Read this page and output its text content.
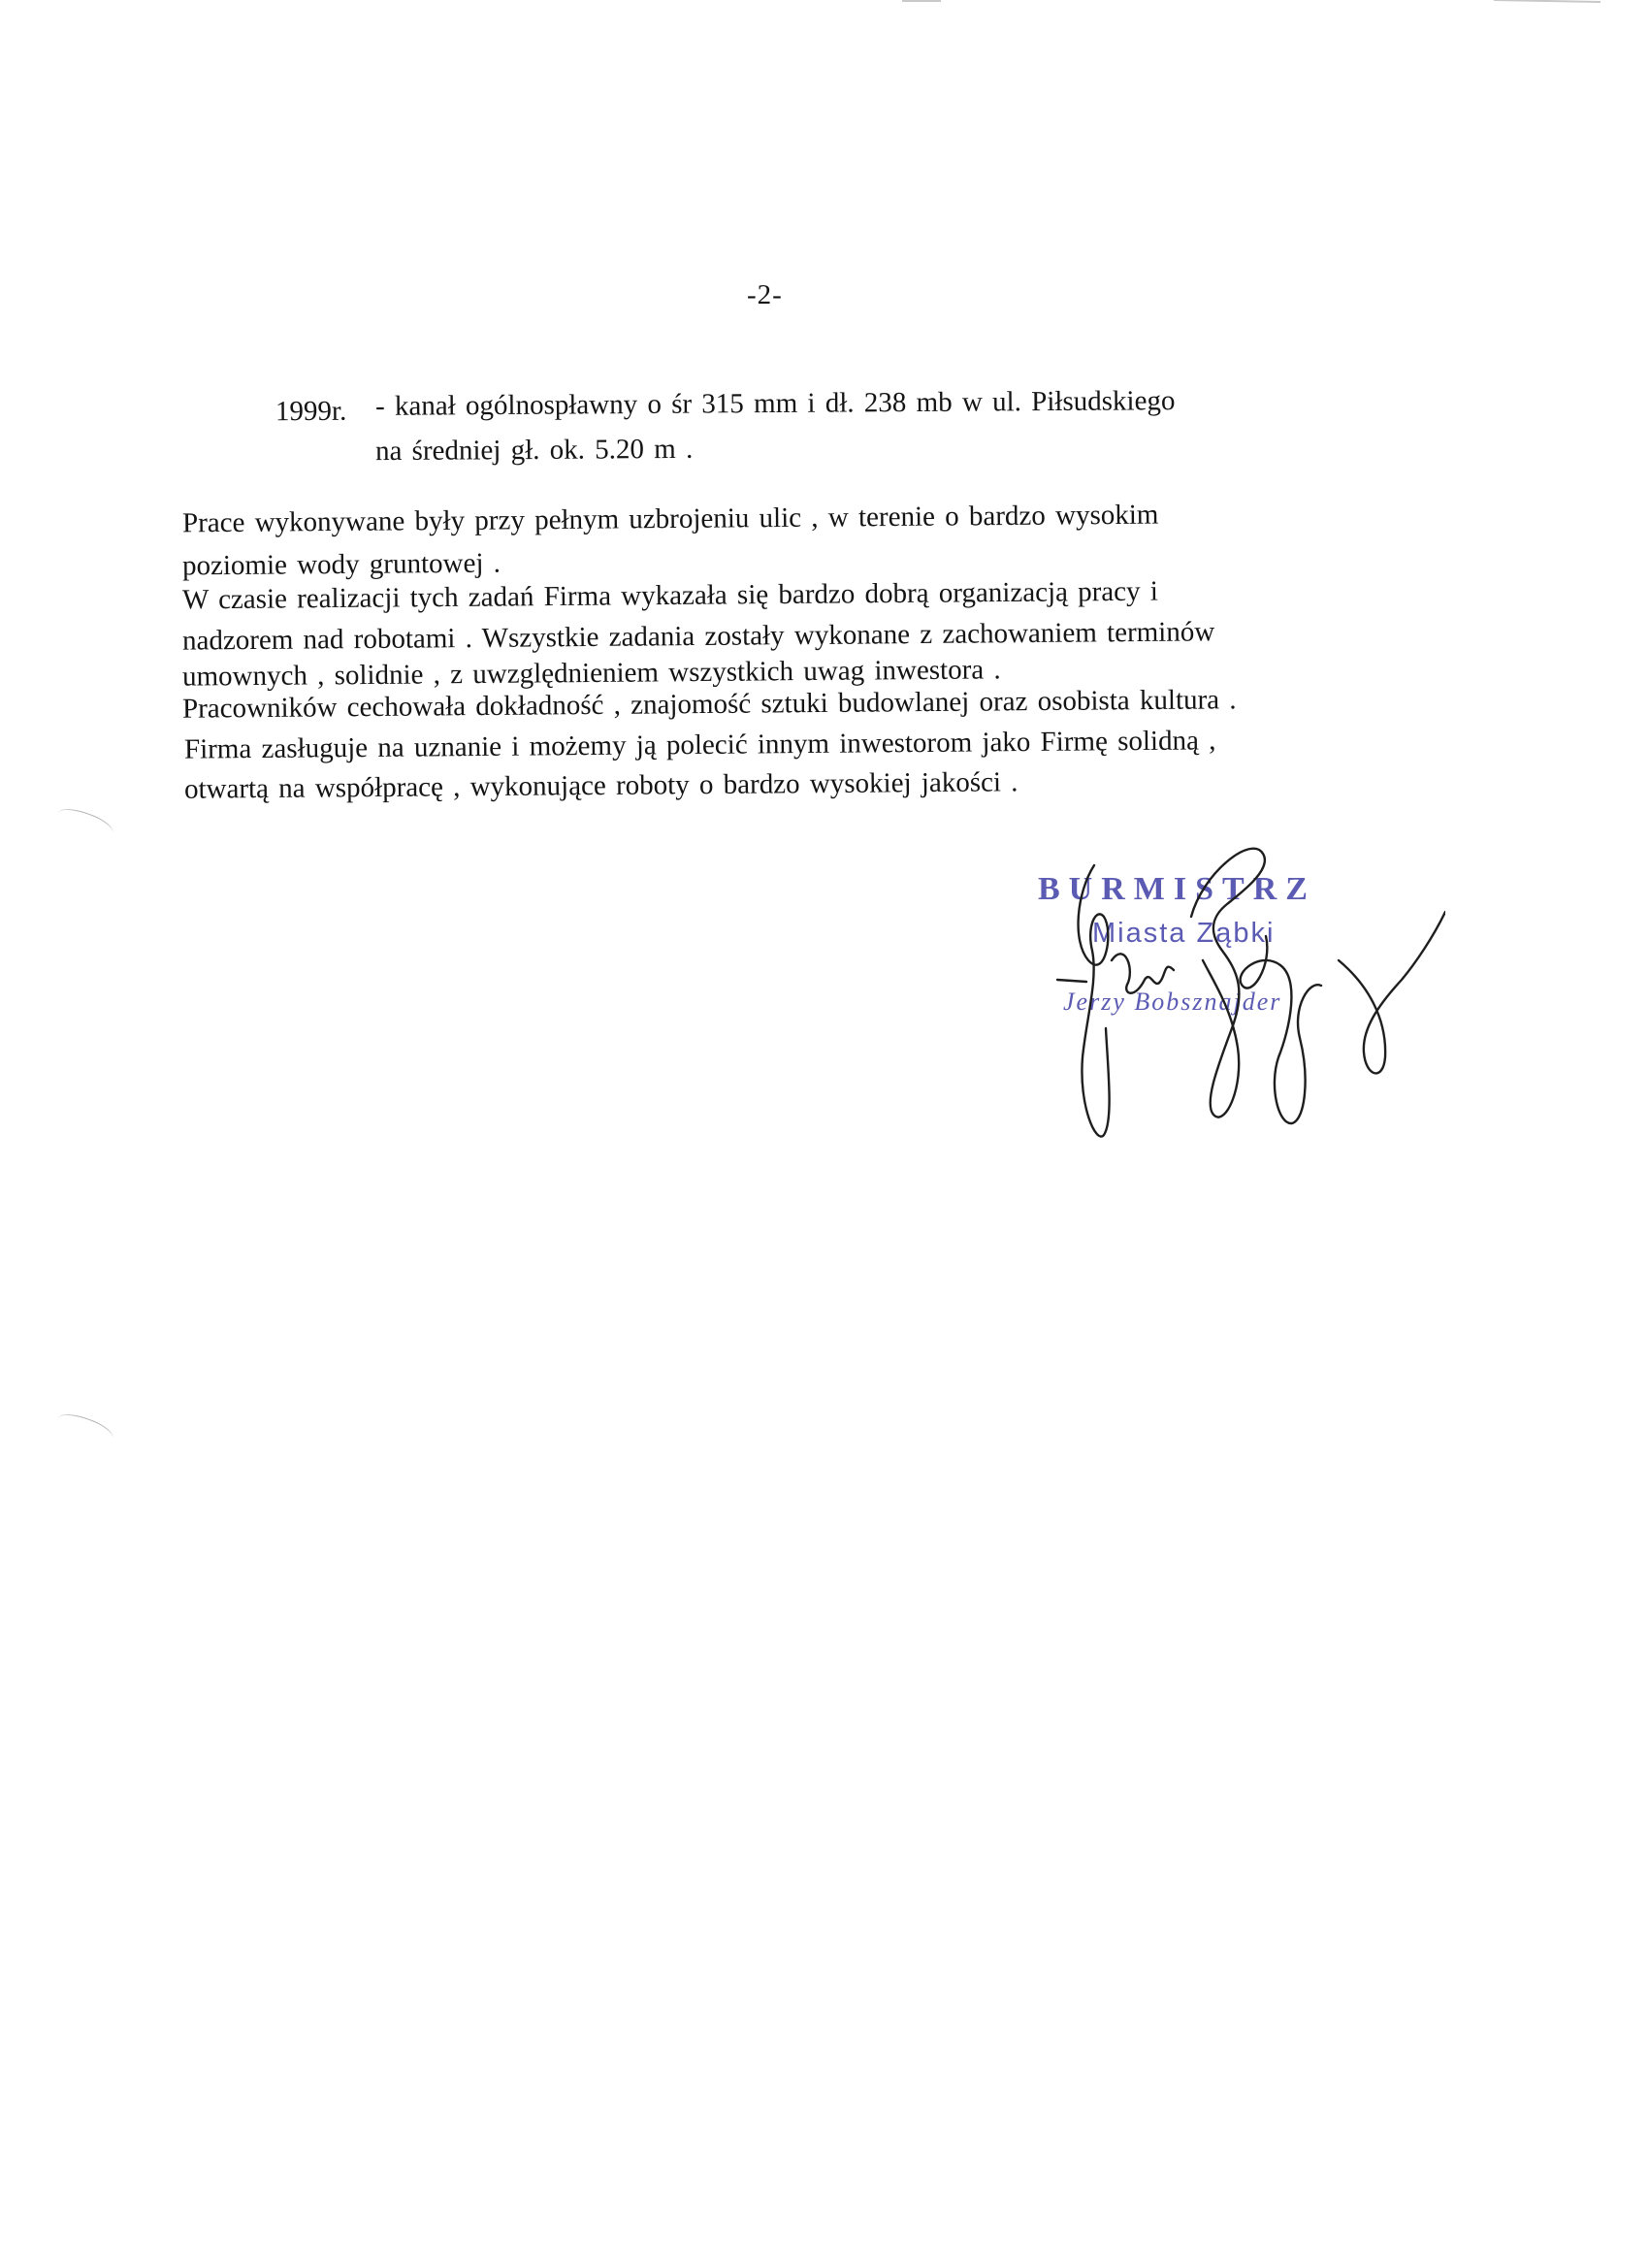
-2-
1999r. - kanał ogólnospławny o śr 315 mm i dł. 238 mb w ul. Piłsudskiego
na średniej gł. ok. 5.20 m .
Prace wykonywane były przy pełnym uzbrojeniu ulic , w terenie o bardzo wysokim
poziomie wody gruntowej .
W czasie realizacji tych zadań Firma wykazała się bardzo dobrą organizacją pracy i
nadzorem nad robotami . Wszystkie zadania zostały wykonane z zachowaniem terminów
umownych , solidnie , z uwzględnieniem wszystkich uwag inwestora .
Pracowników cechowała dokładność , znajomość sztuki budowlanej oraz osobista kultura .
Firma zasługuje na uznanie i możemy ją polecić innym inwestorom jako Firmę solidną ,
otwartą na współpracę , wykonujące roboty o bardzo wysokiej jakości .
BURMISTRZ
Miasta Ząbki
Jerzy Bobsznajder
